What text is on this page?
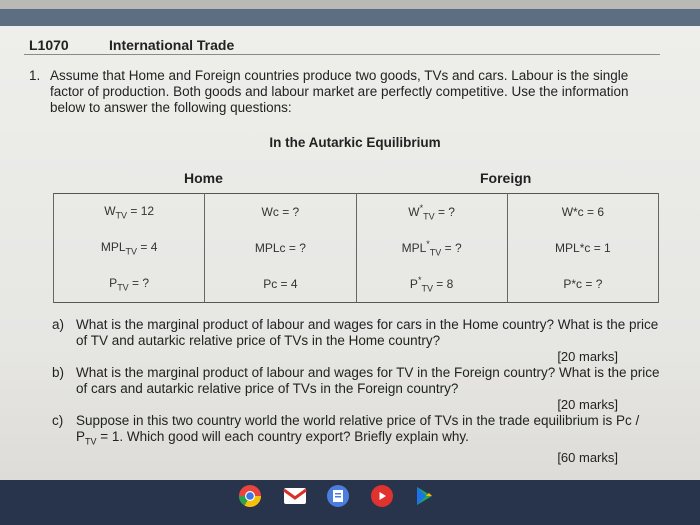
L1070	International Trade
1. Assume that Home and Foreign countries produce two goods, TVs and cars. Labour is the single factor of production. Both goods and labour market are perfectly competitive. Use the information below to answer the following questions:
In the Autarkic Equilibrium
Home	Foreign
$W_{TV} = 12$	Wc = ?	$W^*_{TV}$ = ?	W*c = 6
$MPL_{TV} = 4$	MPLc = ?	$MPL^*_{TV}$ = ?	MPL*c = 1
$P_{TV}$ = ?	Pc = 4	$P^*_{TV} = 8$	P*c = ?
a) What is the marginal product of labour and wages for cars in the Home country? What is the price of TV and autarkic relative price of TVs in the Home country?
[20 marks]
b) What is the marginal product of labour and wages for TV in the Foreign country? What is the price of cars and autarkic relative price of TVs in the Foreign country?
[20 marks]
c) Suppose in this two country world the world relative price of TVs in the trade equilibrium is $Pc / P_{TV} = 1$. Which good will each country export? Briefly explain why.
[60 marks]
